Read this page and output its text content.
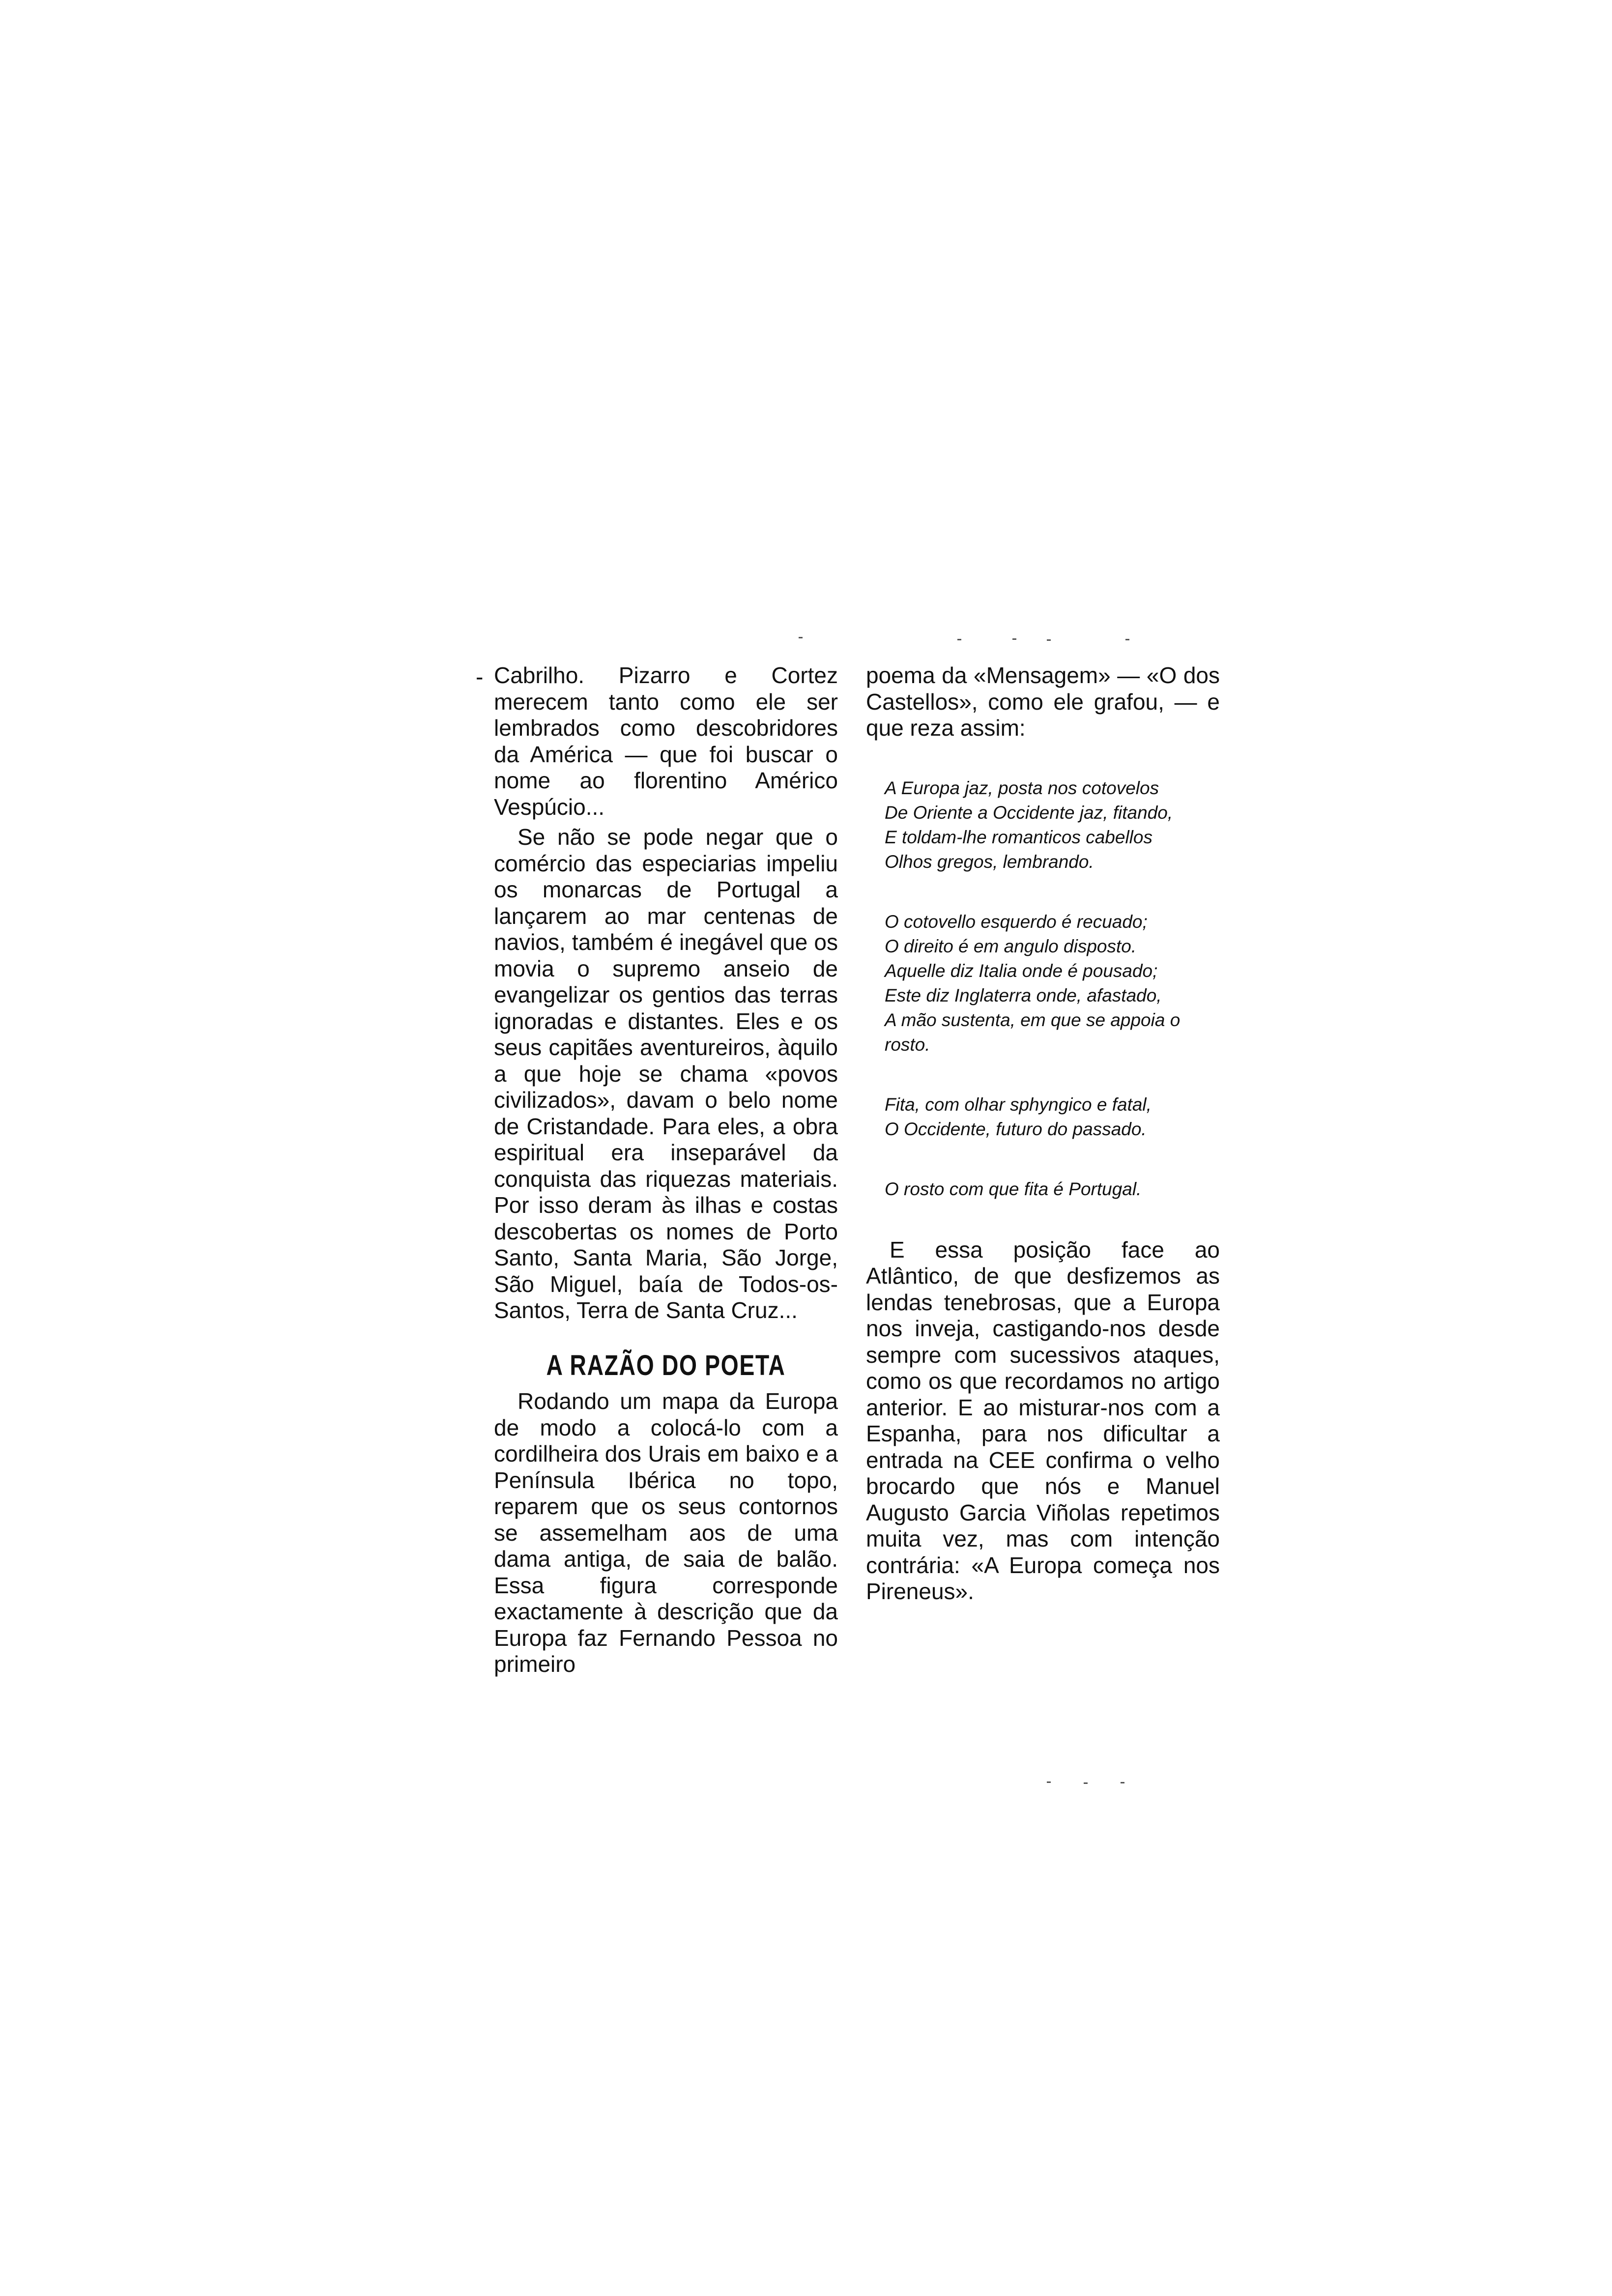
- Cabrilho. Pizarro e Cortez merecem tanto como ele ser lembrados como descobridores da América — que foi buscar o nome ao florentino Américo Vespúcio...

Se não se pode negar que o comércio das especiarias impeliu os monarcas de Portugal a lançarem ao mar centenas de navios, também é inegável que os movia o supremo anseio de evangelizar os gentios das terras ignoradas e distantes. Eles e os seus capitães aventureiros, àquilo a que hoje se chama «povos civilizados», davam o belo nome de Cristandade. Para eles, a obra espiritual era inseparável da conquista das riquezas materiais. Por isso deram às ilhas e costas descobertas os nomes de Porto Santo, Santa Maria, São Jorge, São Miguel, baía de Todos-os-Santos, Terra de Santa Cruz...

A RAZÃO DO POETA

Rodando um mapa da Europa de modo a colocá-lo com a cordilheira dos Urais em baixo e a Península Ibérica no topo, reparem que os seus contornos se assemelham aos de uma dama antiga, de saia de balão. Essa figura corresponde exactamente à descrição que da Europa faz Fernando Pessoa no primeiro

poema da «Mensagem» — «O dos Castellos», como ele grafou, — e que reza assim:

A Europa jaz, posta nos cotovelos
De Oriente a Occidente jaz, fitando,
E toldam-lhe romanticos cabellos
Olhos gregos, lembrando.
O cotovello esquerdo é recuado;
O direito é em angulo disposto.
Aquelle diz Italia onde é pousado;
Este diz Inglaterra onde, afastado,
A mão sustenta, em que se appoia o
rosto.
Fita, com olhar sphyngico e fatal,
O Occidente, futuro do passado.
O rosto com que fita é Portugal.

E essa posição face ao Atlântico, de que desfizemos as lendas tenebrosas, que a Europa nos inveja, castigando-nos desde sempre com sucessivos ataques, como os que recordamos no artigo anterior. E ao misturar-nos com a Espanha, para nos dificultar a entrada na CEE confirma o velho brocardo que nós e Manuel Augusto Garcia Viñolas repetimos muita vez, mas com intenção contrária: «A Europa começa nos Pireneus».
